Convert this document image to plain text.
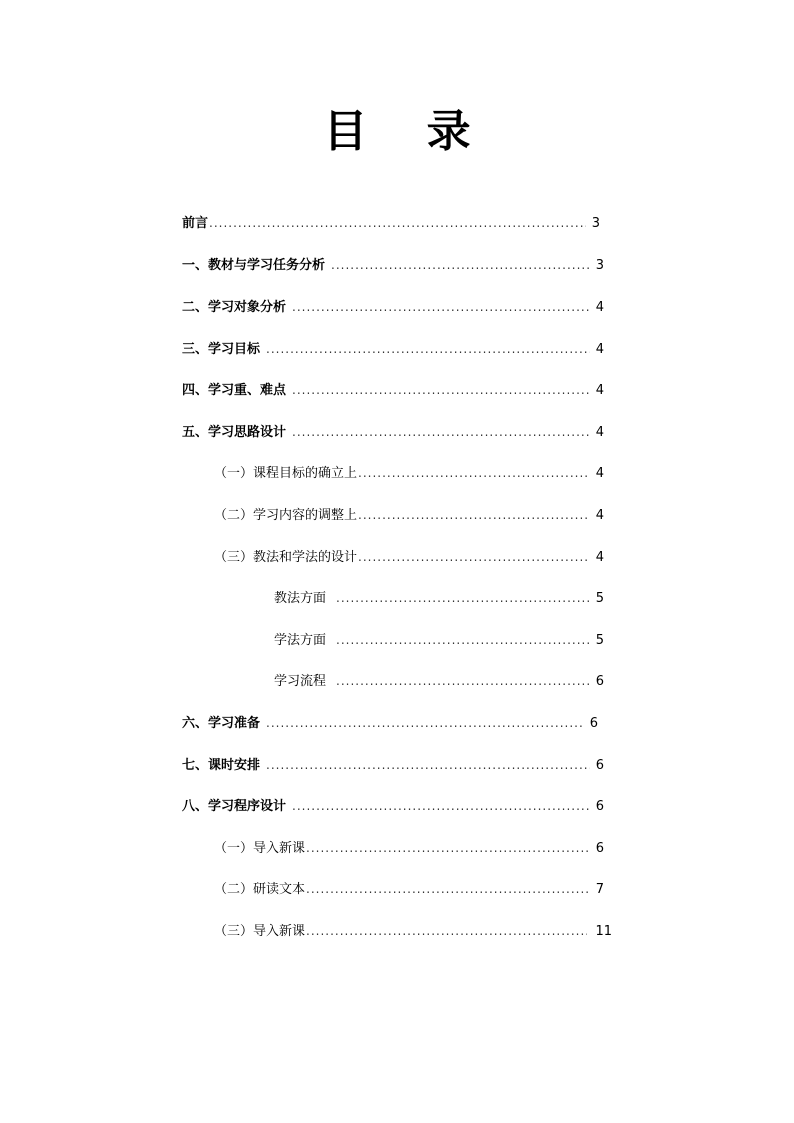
目 录
前言 .....	3
一、 教材与学习任务分析 .....	3
二、 学习对象分析 .....	4
三、 学习目标 .....	4
四、 学习重、难点 .....	4
五、 学习思路设计 .....	4
（一） 课程目标的确立上 .....	4
（二） 学习内容的调整上 .....	4
（三） 教法和学法的设计 .....	4
教法方面 .....	5
学法方面 .....	5
学习流程 .....	6
六、学习准备 .....	6
七、 课时安排 .....	6
八、 学习程序设计 .....	6
（一） 导入新课 .....	6
（二） 研读文本 .....	7
（三） 导入新课 .....	11
